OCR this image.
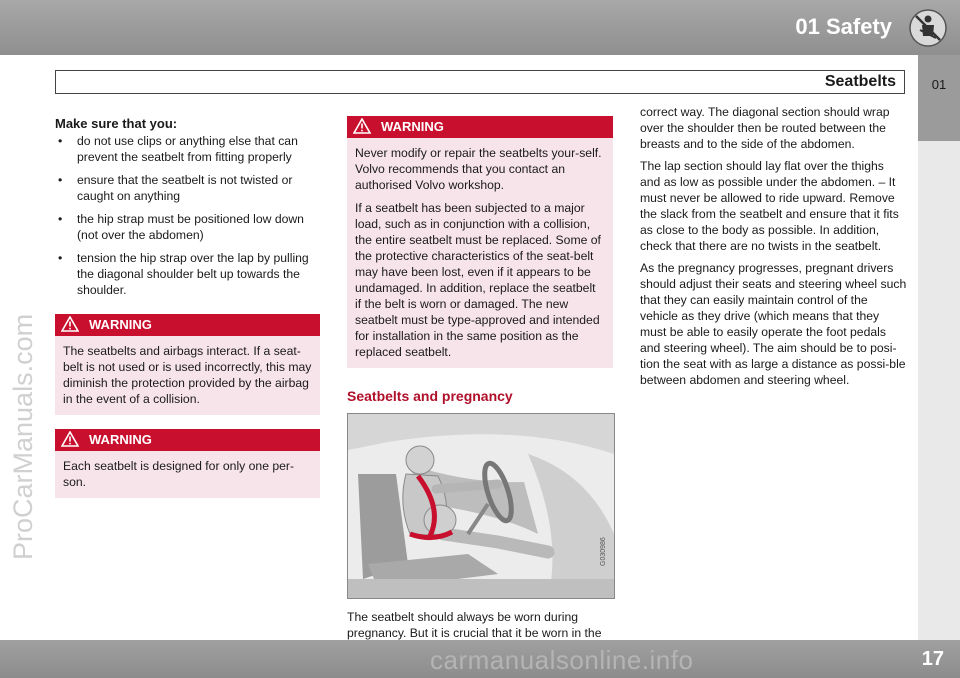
01 Safety
Seatbelts	01
ProCarManuals.com
Make sure that you:
• do not use clips or anything else that can prevent the seatbelt from fitting properly
• ensure that the seatbelt is not twisted or caught on anything
• the hip strap must be positioned low down (not over the abdomen)
• tension the hip strap over the lap by pulling the diagonal shoulder belt up towards the shoulder.
WARNING

The seatbelts and airbags interact. If a seat-belt is not used or is used incorrectly, this may diminish the protection provided by the airbag in the event of a collision.

WARNING

Each seatbelt is designed for only one per-son.

WARNING

Never modify or repair the seatbelts your-self. Volvo recommends that you contact an authorised Volvo workshop.

If a seatbelt has been subjected to a major load, such as in conjunction with a collision, the entire seatbelt must be replaced. Some of the protective characteristics of the seat-belt may have been lost, even if it appears to be undamaged. In addition, replace the seatbelt if the belt is worn or damaged. The new seatbelt must be type-approved and intended for installation in the same position as the replaced seatbelt.

Seatbelts and pregnancy
G030986

The seatbelt should always be worn during pregnancy. But it is crucial that it be worn in the

correct way. The diagonal section should wrap over the shoulder then be routed between the breasts and to the side of the abdomen.

The lap section should lay flat over the thighs and as low as possible under the abdomen. – It must never be allowed to ride upward. Remove the slack from the seatbelt and ensure that it fits as close to the body as possible. In addition, check that there are no twists in the seatbelt.

As the pregnancy progresses, pregnant drivers should adjust their seats and steering wheel such that they can easily maintain control of the vehicle as they drive (which means that they must be able to easily operate the foot pedals and steering wheel). The aim should be to posi-tion the seat with as large a distance as possi-ble between abdomen and steering wheel.

carmanualsonline.info	17
